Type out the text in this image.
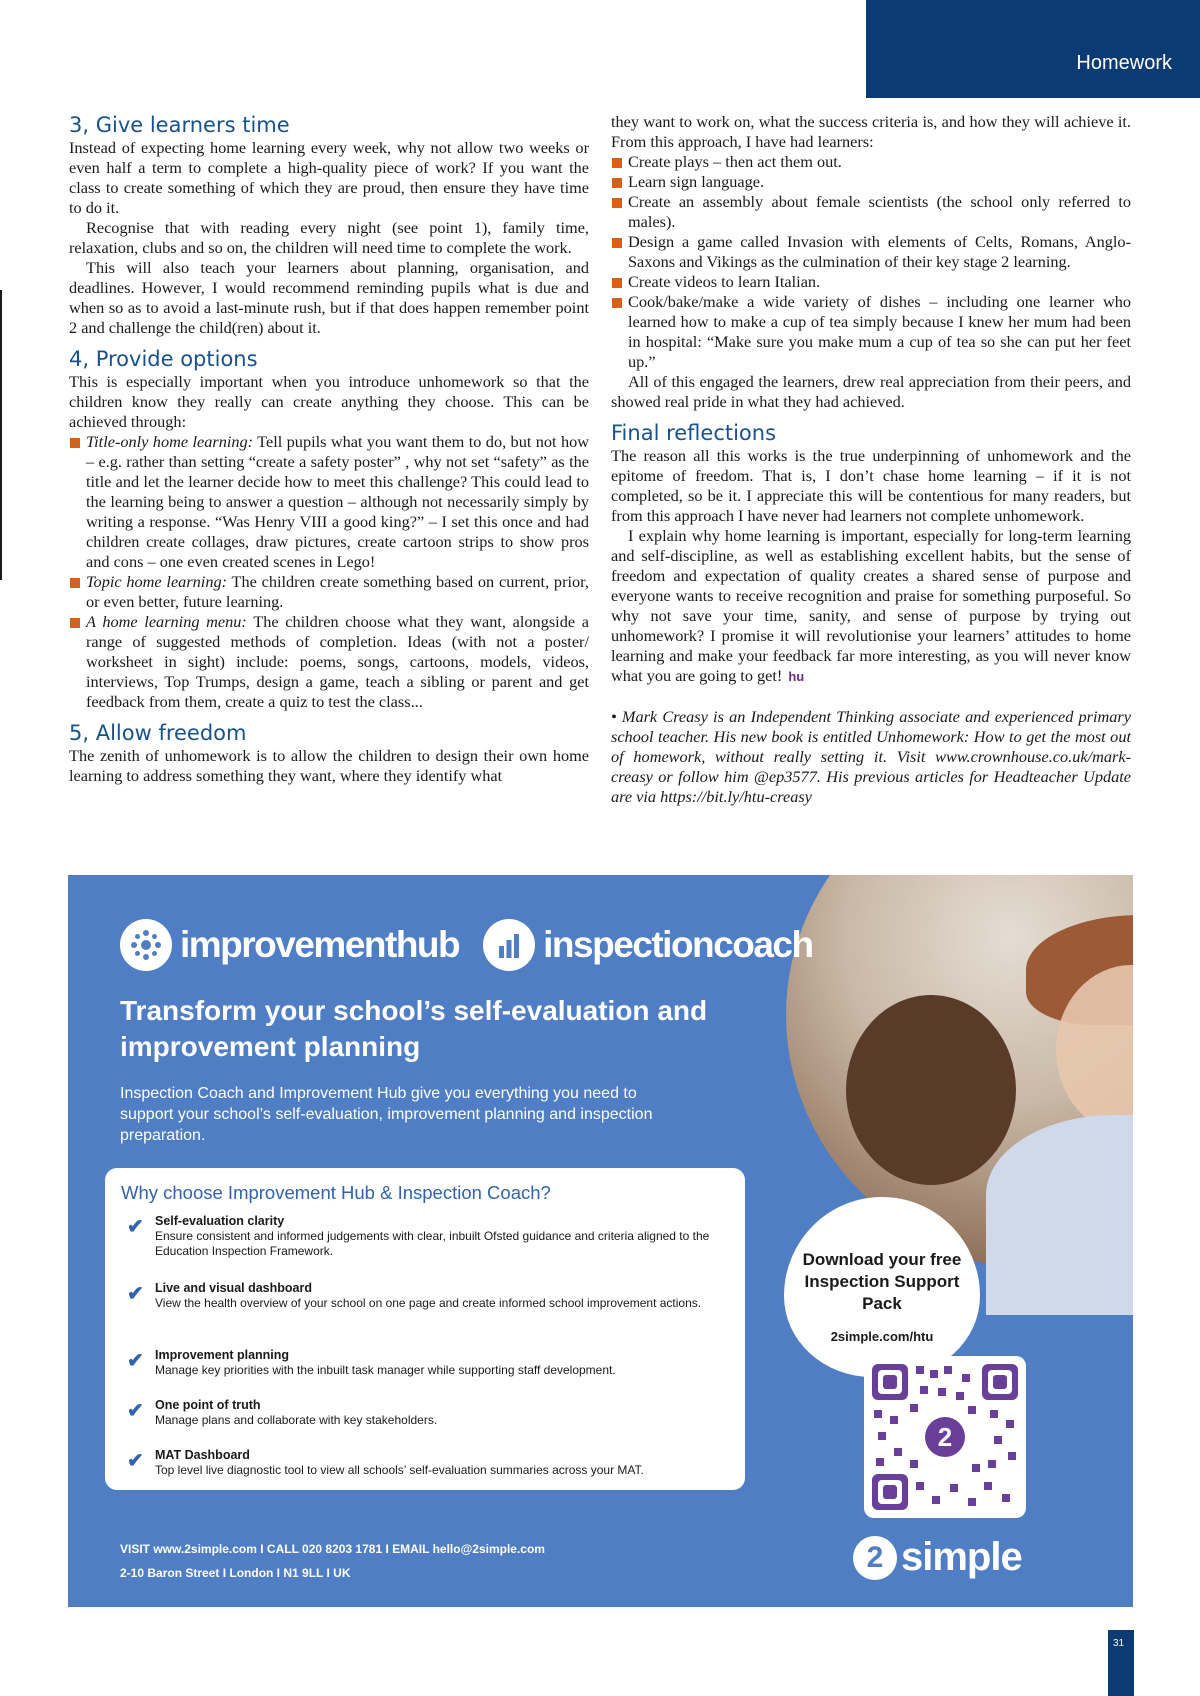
Homework
3, Give learners time

Instead of expecting home learning every week, why not allow two weeks or even half a term to complete a high-quality piece of work? If you want the class to create something of which they are proud, then ensure they have time to do it.

Recognise that with reading every night (see point 1), family time, relaxation, clubs and so on, the children will need time to complete the work.

This will also teach your learners about planning, organisation, and deadlines. However, I would recommend reminding pupils what is due and when so as to avoid a last-minute rush, but if that does happen remember point 2 and challenge the child(ren) about it.

4, Provide options

This is especially important when you introduce unhomework so that the children know they really can create anything they choose. This can be achieved through:

Title-only home learning: Tell pupils what you want them to do, but not how – e.g. rather than setting “create a safety poster” , why not set “safety” as the title and let the learner decide how to meet this challenge? This could lead to the learning being to answer a question – although not necessarily simply by writing a response. “Was Henry VIII a good king?” – I set this once and had children create collages, draw pictures, create cartoon strips to show pros and cons – one even created scenes in Lego!
Topic home learning: The children create something based on current, prior, or even better, future learning.
A home learning menu: The children choose what they want, alongside a range of suggested methods of completion. Ideas (with not a poster/ worksheet in sight) include: poems, songs, cartoons, models, videos, interviews, Top Trumps, design a game, teach a sibling or parent and get feedback from them, create a quiz to test the class...
5, Allow freedom

The zenith of unhomework is to allow the children to design their own home learning to address something they want, where they identify what

they want to work on, what the success criteria is, and how they will achieve it. From this approach, I have had learners:

Create plays – then act them out.
Learn sign language.
Create an assembly about female scientists (the school only referred to males).
Design a game called Invasion with elements of Celts, Romans, Anglo-Saxons and Vikings as the culmination of their key stage 2 learning.
Create videos to learn Italian.
Cook/bake/make a wide variety of dishes – including one learner who learned how to make a cup of tea simply because I knew her mum had been in hospital: “Make sure you make mum a cup of tea so she can put her feet up.”

All of this engaged the learners, drew real appreciation from their peers, and showed real pride in what they had achieved.

Final reflections

The reason all this works is the true underpinning of unhomework and the epitome of freedom. That is, I don’t chase home learning – if it is not completed, so be it. I appreciate this will be contentious for many readers, but from this approach I have never had learners not complete unhomework.

I explain why home learning is important, especially for long-term learning and self-discipline, as well as establishing excellent habits, but the sense of freedom and expectation of quality creates a shared sense of purpose and everyone wants to receive recognition and praise for something purposeful. So why not save your time, sanity, and sense of purpose by trying out unhomework? I promise it will revolutionise your learners’ attitudes to home learning and make your feedback far more interesting, as you will never know what you are going to get! hu

• Mark Creasy is an Independent Thinking associate and experienced primary school teacher. His new book is entitled Unhomework: How to get the most out of homework, without really setting it. Visit www.crownhouse.co.uk/mark-creasy or follow him @ep3577. His previous articles for Headteacher Update are via https://bit.ly/htu-creasy

improvementhub inspectioncoach
Transform your school’s self-evaluation and improvement planning
Inspection Coach and Improvement Hub give you everything you need to support your school’s self-evaluation, improvement planning and inspection preparation.
Why choose Improvement Hub & Inspection Coach?
✔ Self-evaluation clarity
Ensure consistent and informed judgements with clear, inbuilt Ofsted guidance and criteria aligned to the Education Inspection Framework.
✔ Live and visual dashboard
View the health overview of your school on one page and create informed school improvement actions.
✔ Improvement planning
Manage key priorities with the inbuilt task manager while supporting staff development.
✔ One point of truth
Manage plans and collaborate with key stakeholders.
✔ MAT Dashboard
Top level live diagnostic tool to view all schools’ self-evaluation summaries across your MAT.
Download your free Inspection Support Pack
2simple.com/htu
2
VISIT www.2simple.com I CALL 020 8203 1781 I EMAIL hello@2simple.com
2-10 Baron Street I London I N1 9LL I UK	2 simple
31
